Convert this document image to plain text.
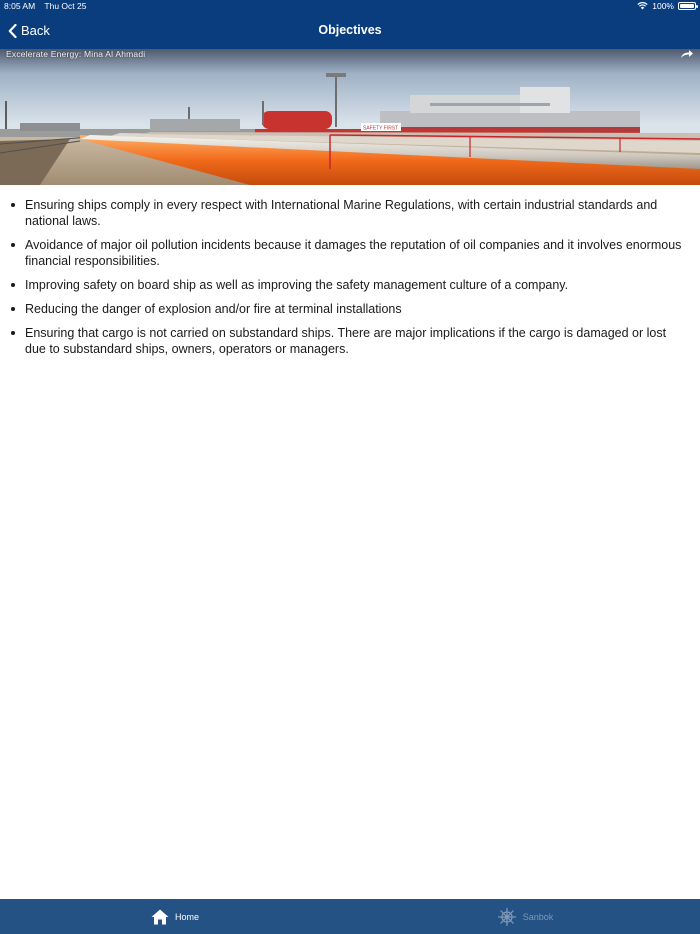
8:05 AM Thu Oct 25	100%
Back	Objectives
SAFETY FIRST
Excelerate Energy: Mina Al Ahmadi
Ensuring ships comply in every respect with International Marine Regulations, with certain industrial standards and national laws.
Avoidance of major oil pollution incidents because it damages the reputation of oil companies and it involves enormous financial responsibilities.
Improving safety on board ship as well as improving the safety management culture of a company.
Reducing the danger of explosion and/or fire at terminal installations
Ensuring that cargo is not carried on substandard ships. There are major implications if the cargo is damaged or lost due to substandard ships, owners, operators or managers.
Home	Sanbok
